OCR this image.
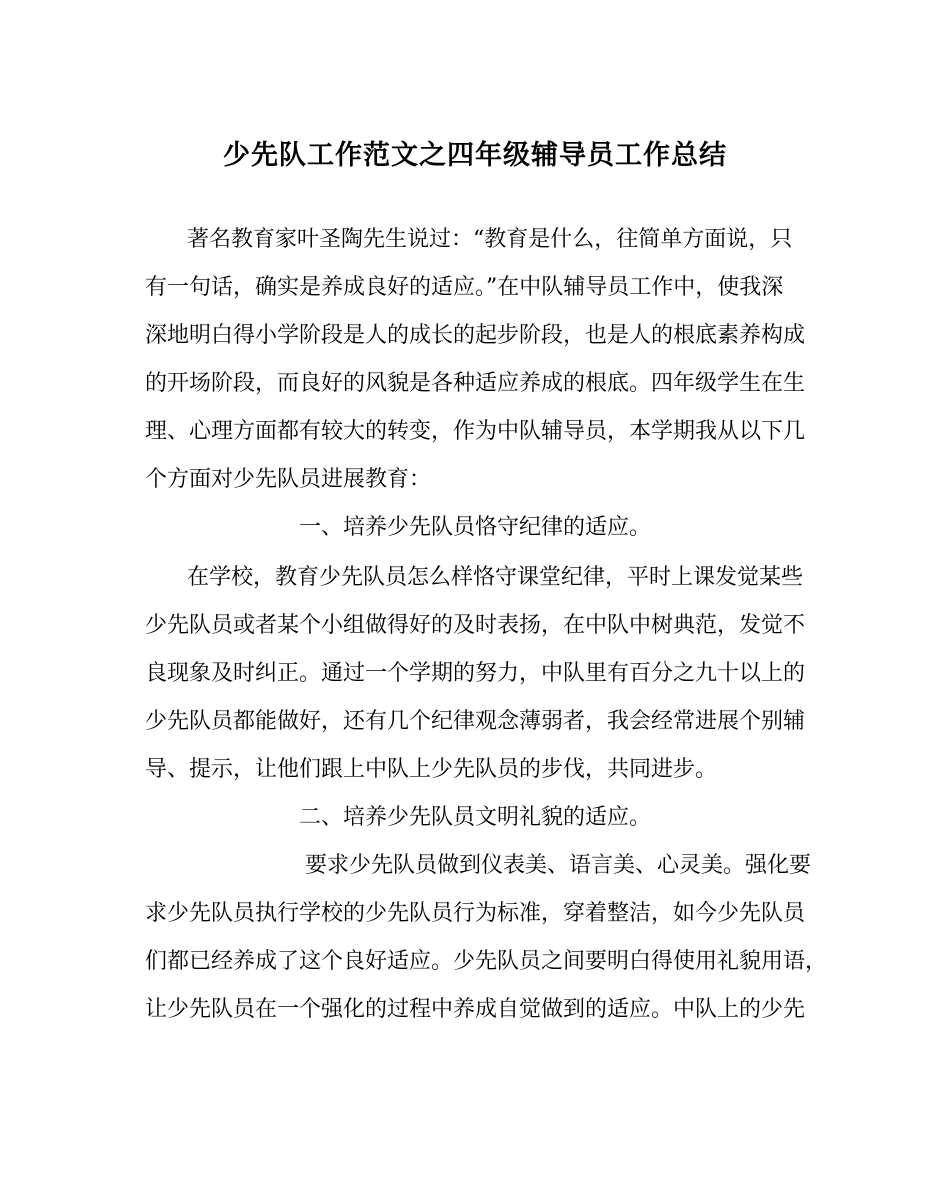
少先队工作范文之四年级辅导员工作总结
著名教育家叶圣陶先生说过：“教育是什么，往简单方面说，只
有一句话，确实是养成良好的适应。”在中队辅导员工作中，使我深
深地明白得小学阶段是人的成长的起步阶段，也是人的根底素养构成
的开场阶段，而良好的风貌是各种适应养成的根底。四年级学生在生
理、心理方面都有较大的转变，作为中队辅导员，本学期我从以下几
个方面对少先队员进展教育：
一、培养少先队员恪守纪律的适应。
在学校，教育少先队员怎么样恪守课堂纪律，平时上课发觉某些
少先队员或者某个小组做得好的及时表扬，在中队中树典范，发觉不
良现象及时纠正。通过一个学期的努力，中队里有百分之九十以上的
少先队员都能做好，还有几个纪律观念薄弱者，我会经常进展个别辅
导、提示，让他们跟上中队上少先队员的步伐，共同进步。
二、培养少先队员文明礼貌的适应。
要求少先队员做到仪表美、语言美、心灵美。强化要
求少先队员执行学校的少先队员行为标准，穿着整洁，如今少先队员
们都已经养成了这个良好适应。少先队员之间要明白得使用礼貌用语，
让少先队员在一个强化的过程中养成自觉做到的适应。中队上的少先
